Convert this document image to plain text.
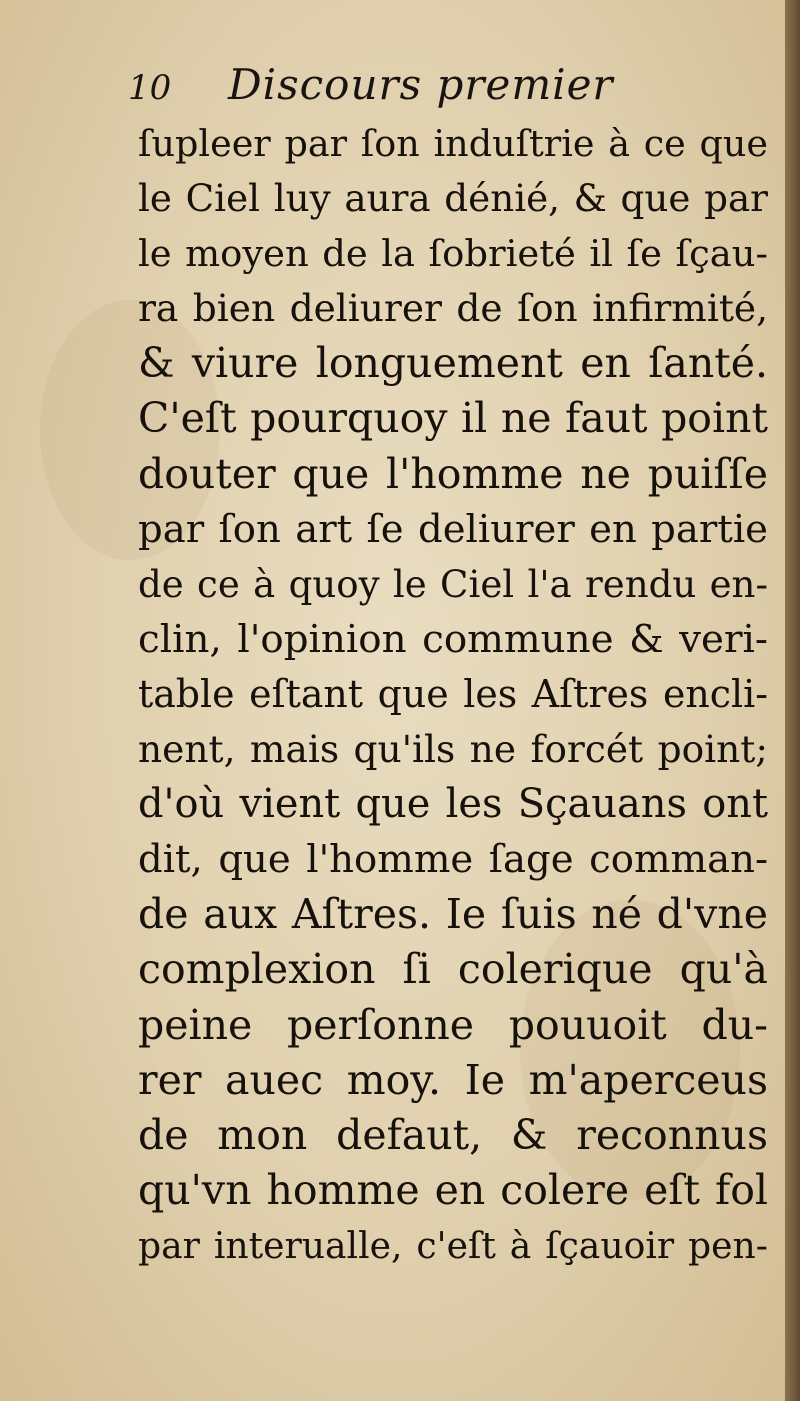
10 Discours premier
ſupleer par ſon induſtrie à ce que
le Ciel luy aura dénié, & que par
le moyen de la ſobrieté il ſe ſçau-
ra bien deliurer de ſon infirmité,
& viure longuement en ſanté.
C'eſt pourquoy il ne faut point
douter que l'homme ne puiſſe
par ſon art ſe deliurer en partie
de ce à quoy le Ciel l'a rendu en-
clin, l'opinion commune & veri-
table eſtant que les Aſtres encli-
nent, mais qu'ils ne forcét point;
d'où vient que les Sçauans ont
dit, que l'homme ſage comman-
de aux Aſtres. Ie ſuis né d'vne
complexion ſi colerique qu'à
peine perſonne pouuoit du-
rer auec moy. Ie m'aperceus
de mon defaut, & reconnus
qu'vn homme en colere eſt fol
par interualle, c'eſt à ſçauoir pen-
